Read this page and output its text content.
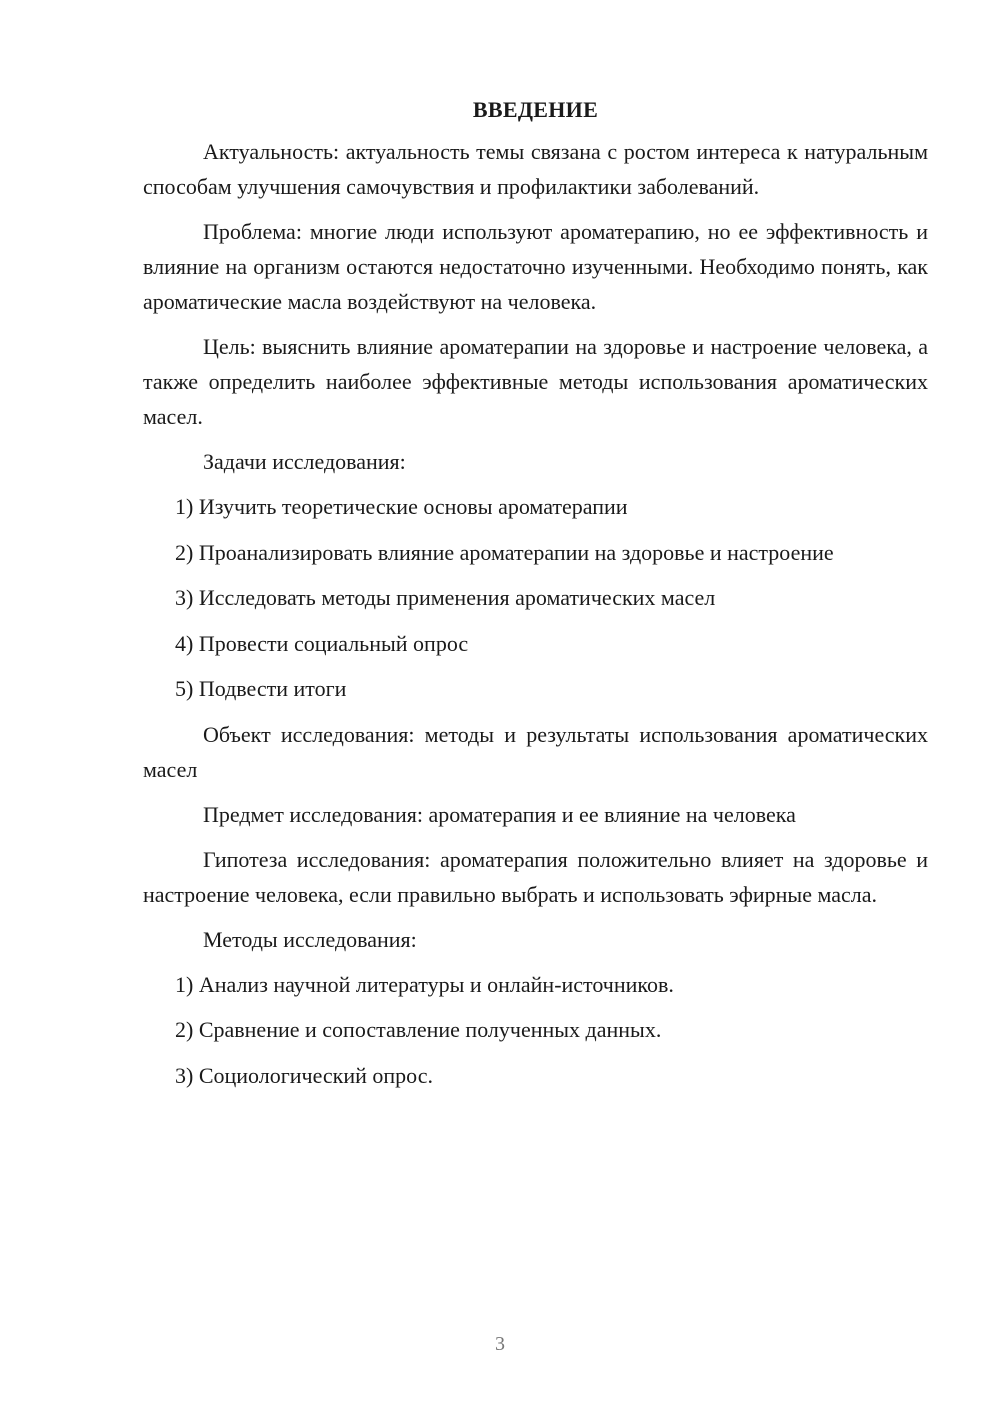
ВВЕДЕНИЕ

Актуальность: актуальность темы связана с ростом интереса к натуральным способам улучшения самочувствия и профилактики заболеваний.

Проблема: многие люди используют ароматерапию, но ее эффективность и влияние на организм остаются недостаточно изученными. Необходимо понять, как ароматические масла воздействуют на человека.

Цель: выяснить влияние ароматерапии на здоровье и настроение человека, а также определить наиболее эффективные методы использования ароматических масел.

Задачи исследования:

1) Изучить теоретические основы ароматерапии
2) Проанализировать влияние ароматерапии на здоровье и настроение
3) Исследовать методы применения ароматических масел
4) Провести социальный опрос
5) Подвести итоги

Объект исследования: методы и результаты использования ароматических масел

Предмет исследования: ароматерапия и ее влияние на человека

Гипотеза исследования: ароматерапия положительно влияет на здоровье и настроение человека, если правильно выбрать и использовать эфирные масла.

Методы исследования:

1) Анализ научной литературы и онлайн-источников.
2) Сравнение и сопоставление полученных данных.
3) Социологический опрос.
3
